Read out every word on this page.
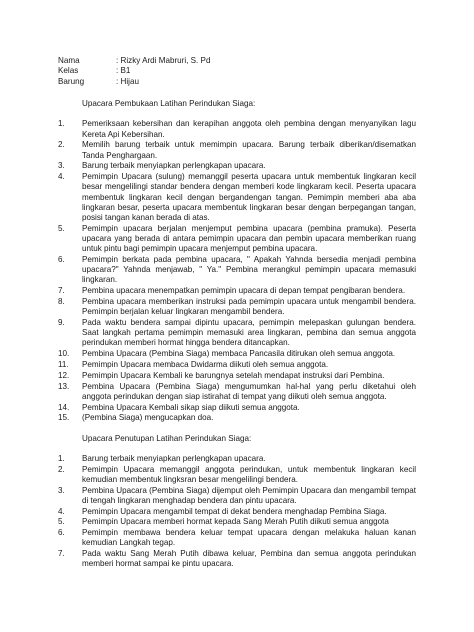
Nama	: Rizky Ardi Mabruri, S. Pd
Kelas	: B1
Barung	: Hijau
Upacara Pembukaan Latihan Perindukan Siaga:
1.	Pemeriksaan kebersihan dan kerapihan anggota oleh pembina dengan menyanyikan lagu Kereta Api Kebersihan.
2.	Memilih barung terbaik untuk memimpin upacara. Barung terbaik diberikan/disematkan Tanda Penghargaan.
3.	Barung terbaik menyiapkan perlengkapan upacara.
4.	Pemimpin Upacara (sulung) memanggil peserta upacara untuk membentuk lingkaran kecil besar mengelilingi standar bendera dengan memberi kode lingkaram kecil. Peserta upacara membentuk lingkaran kecil dengan bergandengan tangan. Pemimpin memberi aba aba lingkaran besar, peserta upacara membentuk lingkaran besar dengan berpegangan tangan, posisi tangan kanan berada di atas.
5.	Pemimpin upacara berjalan menjemput pembina upacara (pembina pramuka). Peserta upacara yang berada di antara pemimpin upacara dan pembin upacara memberikan ruang untuk pintu bagi pemimpin upacara menjemput pembina upacara.
6.	Pemimpin berkata pada pembina upacara, " Apakah Yahnda bersedia menjadi pembina upacara?" Yahnda menjawab, " Ya." Pembina merangkul pemimpin upacara memasuki lingkaran.
7.	Pembina upacara menempatkan pemimpin upacara di depan tempat pengibaran bendera.
8.	Pembina upacara memberikan instruksi pada pemimpin upacara untuk mengambil bendera. Pemimpin berjalan keluar lingkaran mengambil bendera.
9.	Pada waktu bendera sampai dipintu upacara, pemimpin melepaskan gulungan bendera. Saat langkah pertama pemimpin memasuki area lingkaran, pembina dan semua anggota perindukan memberi hormat hingga bendera ditancapkan.
10.	Pembina Upacara (Pembina Siaga) membaca Pancasila ditirukan oleh semua anggota.
11.	Pemimpin Upacara membaca Dwidarma diikuti oleh semua anggota.
12.	Pemimpin Upacara Kembali ke barungnya setelah mendapat instruksi dari Pembina.
13.	Pembina Upacara (Pembina Siaga) mengumumkan hal-hal yang perlu diketahui oleh anggota perindukan dengan siap istirahat di tempat yang diikuti oleh semua anggota.
14.	Pembina Upacara Kembali sikap siap diikuti semua anggota.
15.	(Pembina Siaga) mengucapkan doa.
Upacara Penutupan Latihan Perindukan Siaga:
1.	Barung terbaik menyiapkan perlengkapan upacara.
2.	Pemimpin Upacara memanggil anggota perindukan, untuk membentuk lingkaran kecil kemudian membentuk lingksran besar mengelilingi bendera.
3.	Pembina Upacara (Pembina Siaga) dijemput oleh Pemimpin Upacara dan mengambil tempat di tengah lingkaran menghadap bendera dan pintu upacara.
4.	Pemimpin Upacara mengambil tempat di dekat bendera menghadap Pembina Siaga.
5.	Pemimpin Upacara memberi hormat kepada Sang Merah Putih diikuti semua anggota
6.	Pemimpin membawa bendera keluar tempat upacara dengan melakuka haluan kanan kemudian Langkah tegap.
7.	Pada waktu Sang Merah Putih dibawa keluar, Pembina dan semua anggota perindukan memberi hormat sampai ke pintu upacara.
